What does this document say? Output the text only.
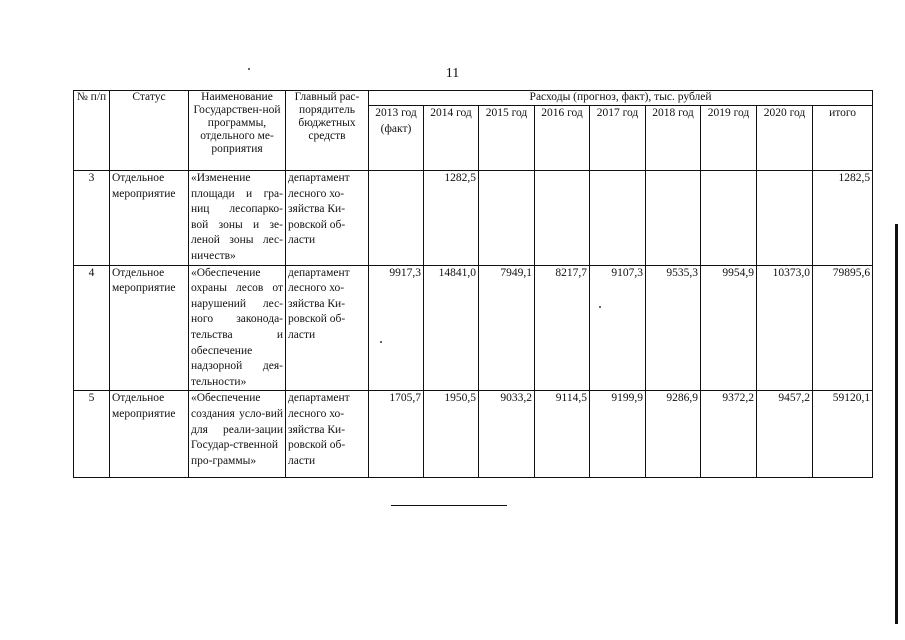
11
№ п/п	Статус	Наименование Государствен-ной программы, отдельного ме-роприятия	Главный рас-порядитель бюджетных средств	Расходы (прогноз, факт), тыс. рублей								
				2013 год (факт)	2014 год	2015 год	2016 год	2017 год	2018 год	2019 год	2020 год	итого
3	Отдельное мероприятие	«Изменение площади и гра-ниц лесопарко-вой зоны и зе-леной зоны лес-ничеств»	департамент лесного хо-зяйства Ки-ровской об-ласти		1282,5							1282,5
4	Отдельное мероприятие	«Обеспечение охраны лесов от нарушений лес-ного законода-тельства и обеспечение надзорной дея-тельности»	департамент лесного хо-зяйства Ки-ровской об-ласти	9917,3	14841,0	7949,1	8217,7	9107,3	9535,3	9954,9	10373,0	79895,6
5	Отдельное мероприятие	«Обеспечение создания усло-вий для реали-зации Государ-ственной про-граммы»	департамент лесного хо-зяйства Ки-ровской об-ласти	1705,7	1950,5	9033,2	9114,5	9199,9	9286,9	9372,2	9457,2	59120,1
